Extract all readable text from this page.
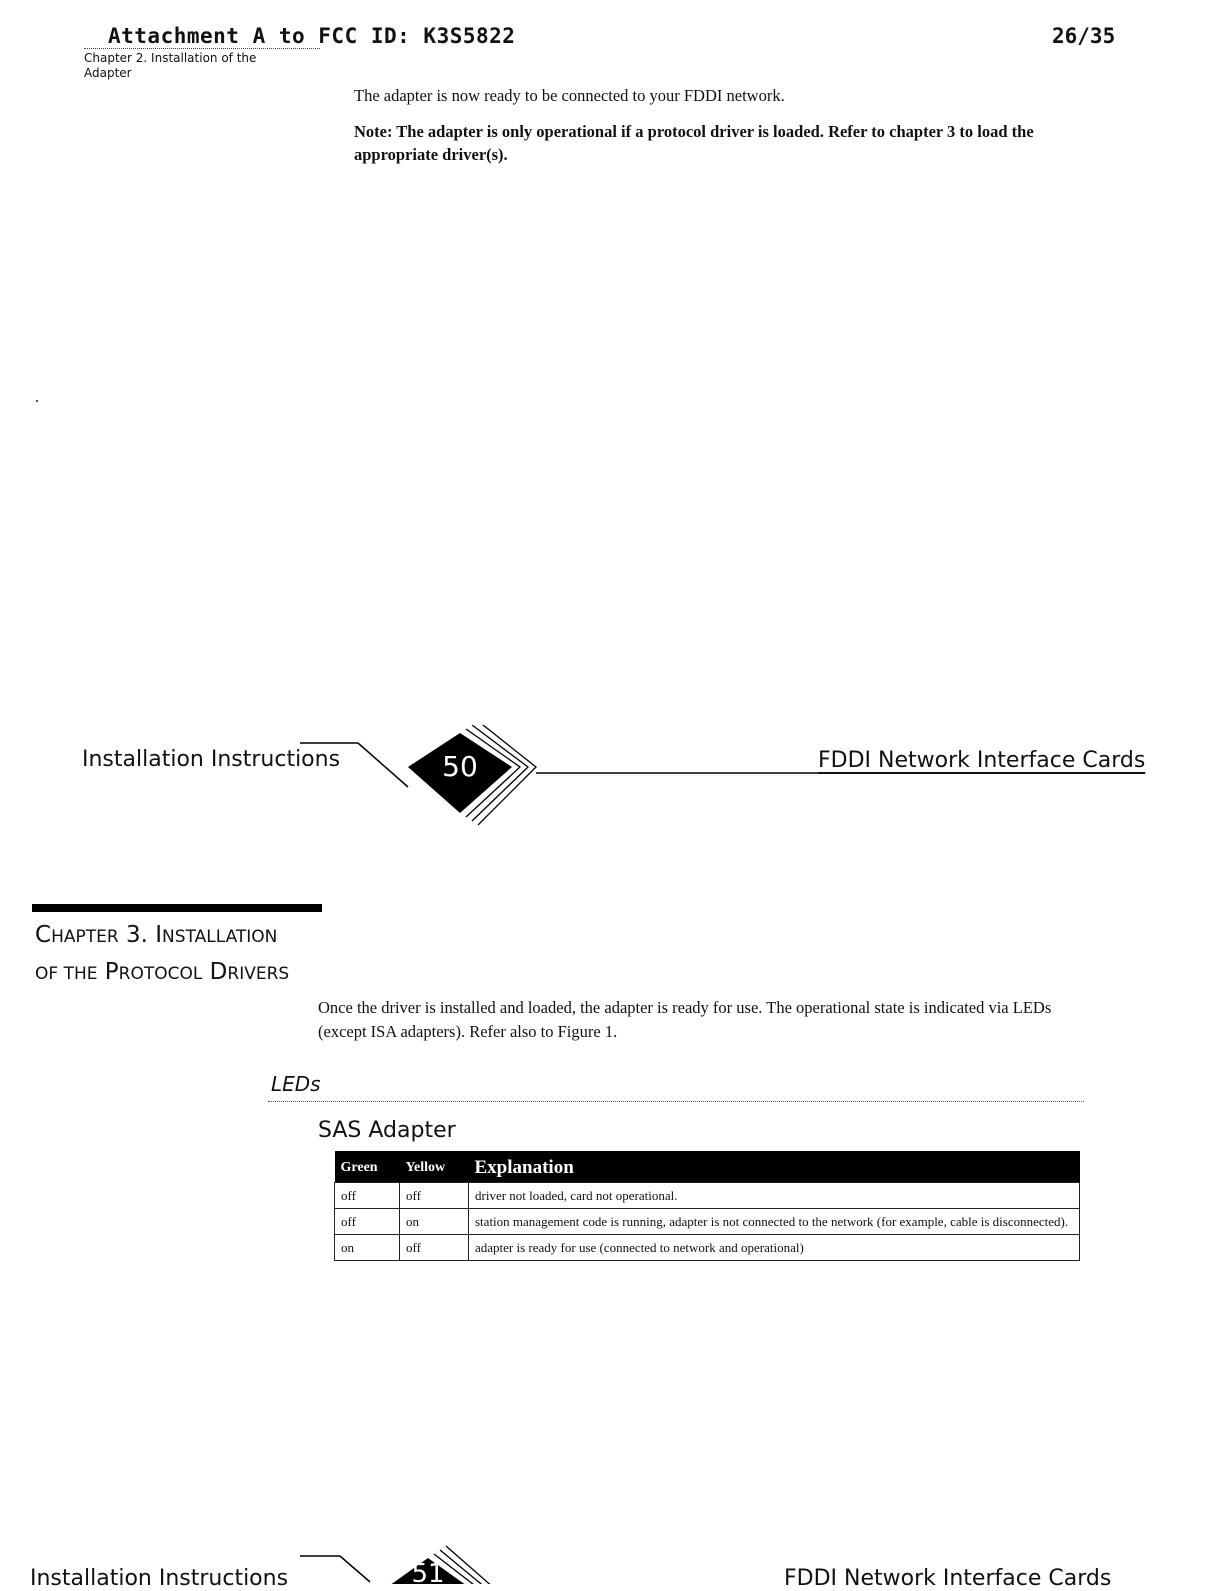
Attachment A to FCC ID: K3S5822	26/35
Chapter 2. Installation of the Adapter
The adapter is now ready to be connected to your FDDI network.
Note: The adapter is only operational if a protocol driver is loaded. Refer to chapter 3 to load the appropriate driver(s).
Installation Instructions	50	FDDI Network Interface Cards
CHAPTER 3. INSTALLATION
OF THE PROTOCOL DRIVERS
Once the driver is installed and loaded, the adapter is ready for use. The operational state is indicated via LEDs (except ISA adapters). Refer also to Figure 1.
LEDs
SAS Adapter
Green	Yellow	Explanation
off	off	driver not loaded, card not operational.
off	on	station management code is running, adapter is not connected to the network (for example, cable is disconnected).
on	off	adapter is ready for use (connected to network and operational)
Installation Instructions	51	FDDI Network Interface Cards
